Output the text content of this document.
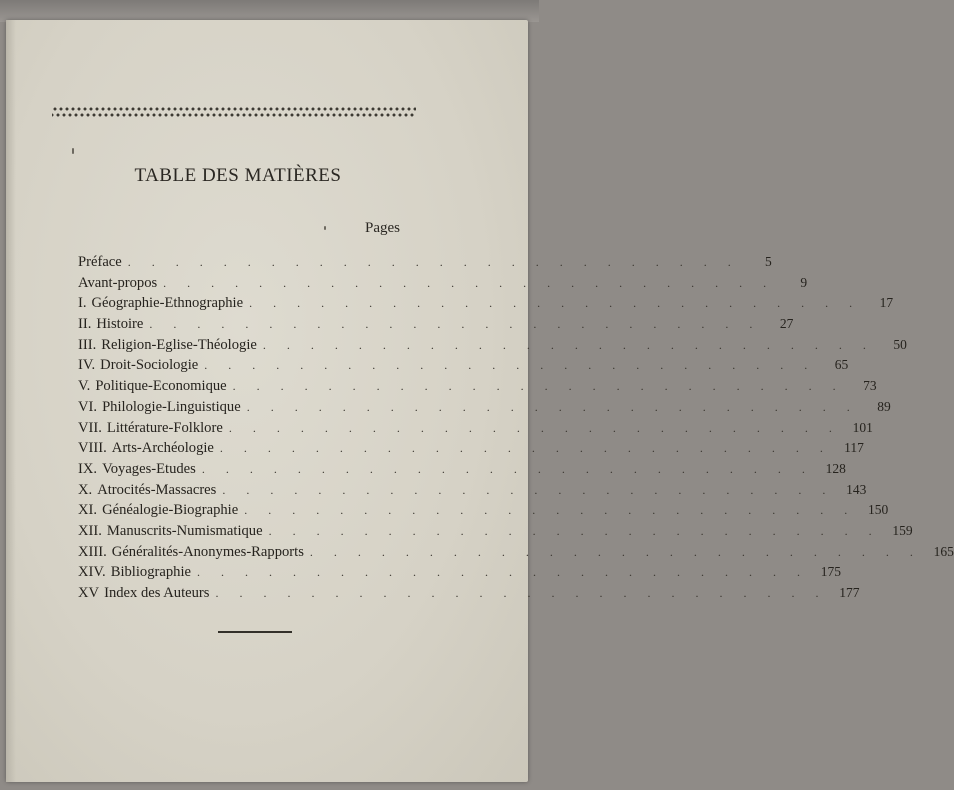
TABLE DES MATIÈRES
Pages
Préface . . . . . . . . . . . . . . . . . . . . . . . . . .	5
Avant-propos . . . . . . . . . . . . . . . . . . . . . . . . . .	9
I. Géographie-Ethnographie . . . . . . . . . . . . . . . . . . . . . . . . . .	17
II. Histoire . . . . . . . . . . . . . . . . . . . . . . . . . .	27
III. Religion-Eglise-Théologie . . . . . . . . . . . . . . . . . . . . . . . . . .	50
IV. Droit-Sociologie . . . . . . . . . . . . . . . . . . . . . . . . . .	65
V. Politique-Economique . . . . . . . . . . . . . . . . . . . . . . . . . .	73
VI. Philologie-Linguistique . . . . . . . . . . . . . . . . . . . . . . . . . .	89
VII. Littérature-Folklore . . . . . . . . . . . . . . . . . . . . . . . . . . 101
VIII. Arts-Archéologie . . . . . . . . . . . . . . . . . . . . . . . . . . 117
IX. Voyages-Etudes . . . . . . . . . . . . . . . . . . . . . . . . . . 128
X. Atrocités-Massacres . . . . . . . . . . . . . . . . . . . . . . . . . . 143
XI. Généalogie-Biographie . . . . . . . . . . . . . . . . . . . . . . . . . . 150
XII. Manuscrits-Numismatique . . . . . . . . . . . . . . . . . . . . . . . . . . 159
XIII. Généralités-Anonymes-Rapports . . . . . . . . . . . . . . . . . . . . . . . . . . 165
XIV. Bibliographie . . . . . . . . . . . . . . . . . . . . . . . . . . 175
XV Index des Auteurs . . . . . . . . . . . . . . . . . . . . . . . . . . 177
